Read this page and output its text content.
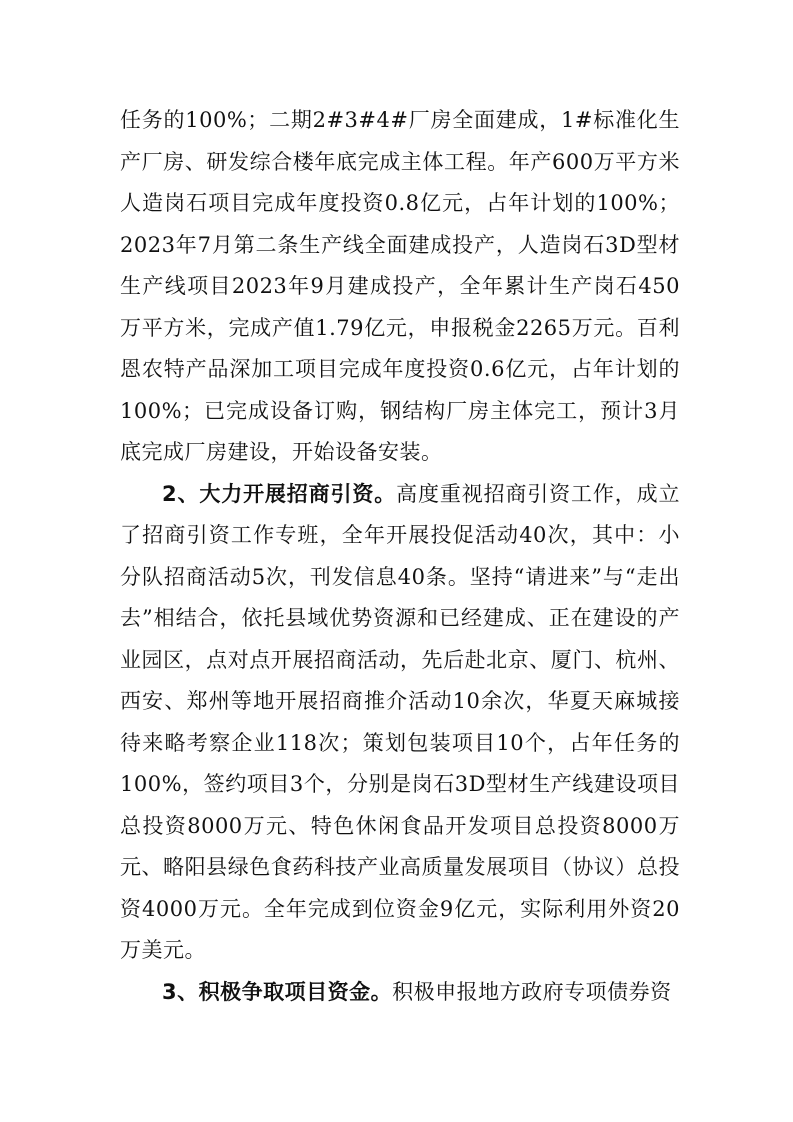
任务的100%；二期2#3#4#厂房全面建成，1#标准化生产厂房、研发综合楼年底完成主体工程。年产600万平方米人造岗石项目完成年度投资0.8亿元，占年计划的100%；2023年7月第二条生产线全面建成投产，人造岗石3D型材生产线项目2023年9月建成投产，全年累计生产岗石450万平方米，完成产值1.79亿元，申报税金2265万元。百利恩农特产品深加工项目完成年度投资0.6亿元，占年计划的100%；已完成设备订购，钢结构厂房主体完工，预计3月底完成厂房建设，开始设备安装。

2、大力开展招商引资。高度重视招商引资工作，成立了招商引资工作专班，全年开展投促活动40次，其中：小分队招商活动5次，刊发信息40条。坚持“请进来”与“走出去”相结合，依托县域优势资源和已经建成、正在建设的产业园区，点对点开展招商活动，先后赴北京、厦门、杭州、西安、郑州等地开展招商推介活动10余次，华夏天麻城接待来略考察企业118次；策划包装项目10个，占年任务的100%，签约项目3个，分别是岗石3D型材生产线建设项目总投资8000万元、特色休闲食品开发项目总投资8000万元、略阳县绿色食药科技产业高质量发展项目（协议）总投资4000万元。全年完成到位资金9亿元，实际利用外资20万美元。

3、积极争取项目资金。积极申报地方政府专项债券资
